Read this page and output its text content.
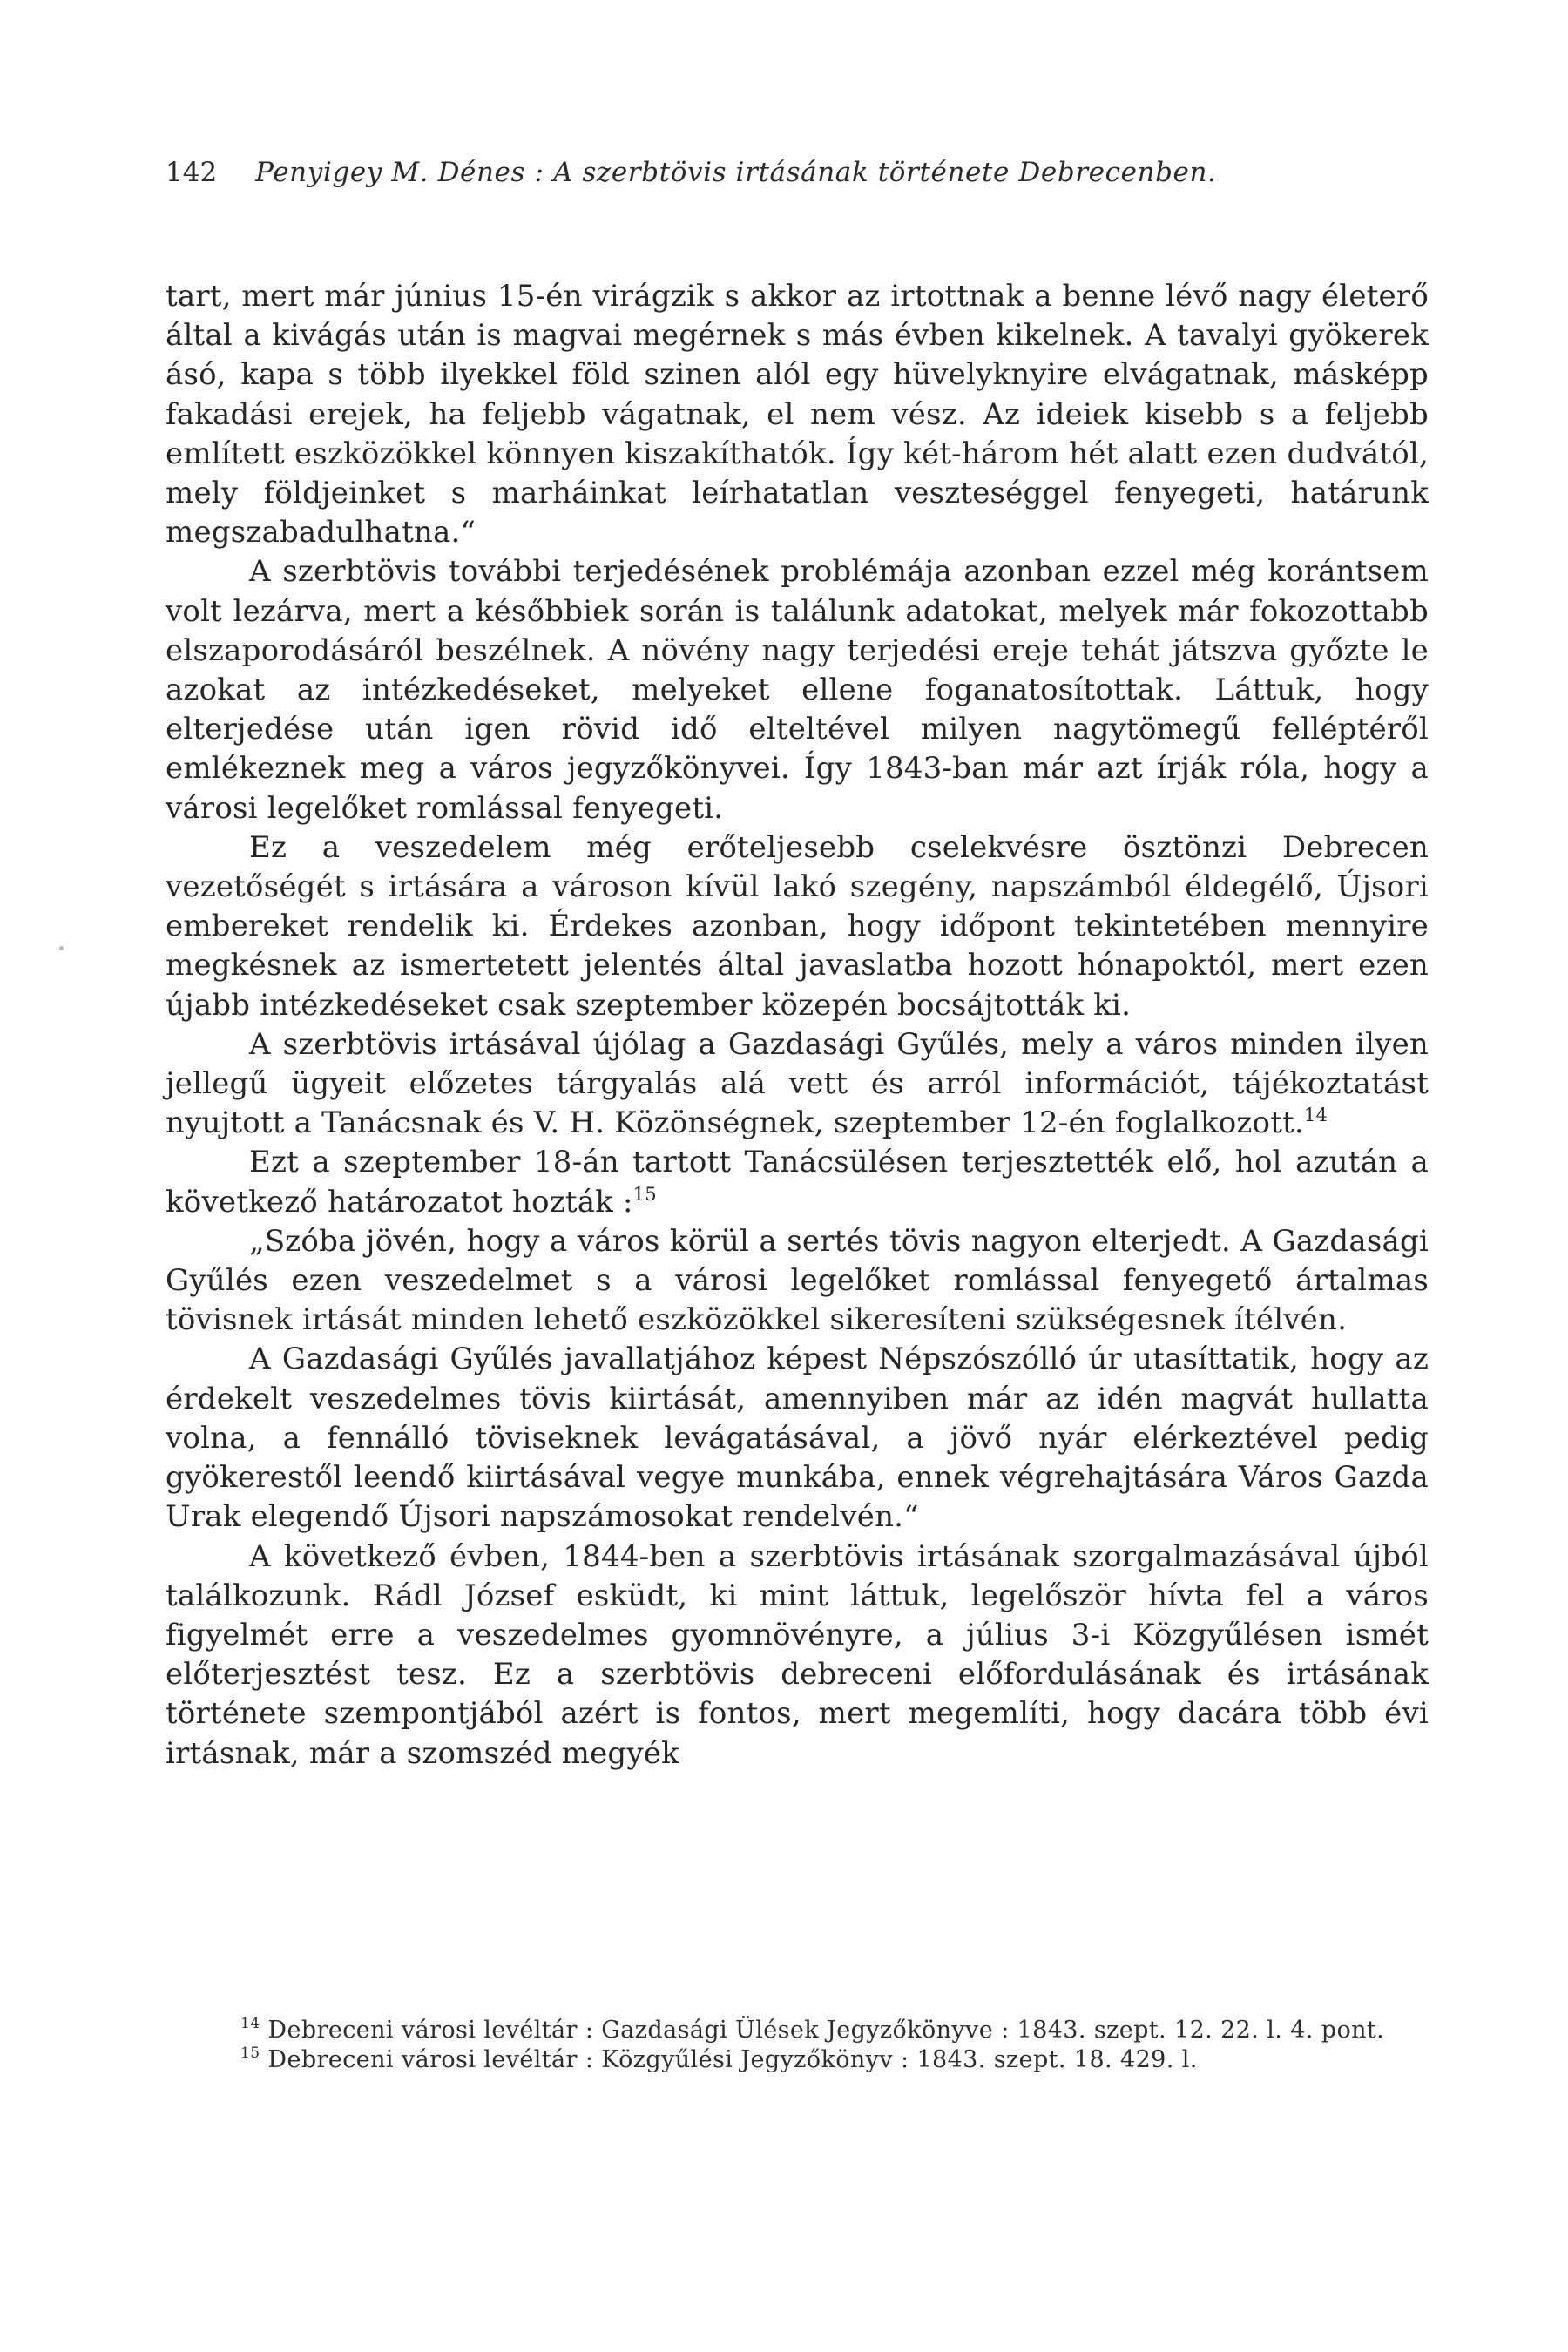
142 Penyigey M. Dénes : A szerbtövis irtásának története Debrecenben.

tart, mert már június 15-én virágzik s akkor az irtottnak a benne lévő nagy életerő által a kivágás után is magvai megérnek s más évben kikelnek. A tavalyi gyökerek ásó, kapa s több ilyekkel föld szinen alól egy hüvelyknyire elvágatnak, másképp fakadási erejek, ha feljebb vágatnak, el nem vész. Az ideiek kisebb s a feljebb említett eszközökkel könnyen kiszakíthatók. Így két-három hét alatt ezen dudvától, mely földjeinket s marháinkat leírhatatlan veszteséggel fenyegeti, határunk megszabadulhatna.“

A szerbtövis további terjedésének problémája azonban ezzel még korántsem volt lezárva, mert a későbbiek során is találunk adatokat, melyek már fokozottabb elszaporodásáról beszélnek. A növény nagy terjedési ereje tehát játszva győzte le azokat az intézkedéseket, melyeket ellene foganatosítottak. Láttuk, hogy elterjedése után igen rövid idő elteltével milyen nagytömegű felléptéről emlékeznek meg a város jegyzőkönyvei. Így 1843-ban már azt írják róla, hogy a városi legelőket romlással fenyegeti.

Ez a veszedelem még erőteljesebb cselekvésre ösztönzi Debrecen vezetőségét s irtására a városon kívül lakó szegény, napszámból éldegélő, Újsori embereket rendelik ki. Érdekes azonban, hogy időpont tekintetében mennyire megkésnek az ismertetett jelentés által javaslatba hozott hónapoktól, mert ezen újabb intézkedéseket csak szeptember közepén bocsájtották ki.

A szerbtövis irtásával újólag a Gazdasági Gyűlés, mely a város minden ilyen jellegű ügyeit előzetes tárgyalás alá vett és arról információt, tájékoztatást nyujtott a Tanácsnak és V. H. Közönségnek, szeptember 12-én foglalkozott.$^{14}$

Ezt a szeptember 18-án tartott Tanácsülésen terjesztették elő, hol azután a következő határozatot hozták :$^{15}$

„Szóba jövén, hogy a város körül a sertés tövis nagyon elterjedt. A Gazdasági Gyűlés ezen veszedelmet s a városi legelőket romlással fenyegető ártalmas tövisnek irtását minden lehető eszközökkel sikeresíteni szükségesnek ítélvén.

A Gazdasági Gyűlés javallatjához képest Népszószólló úr utasíttatik, hogy az érdekelt veszedelmes tövis kiirtását, amennyiben már az idén magvát hullatta volna, a fennálló töviseknek levágatásával, a jövő nyár elérkeztével pedig gyökerestől leendő kiirtásával vegye munkába, ennek végrehajtására Város Gazda Urak elegendő Újsori napszámosokat rendelvén.“

A következő évben, 1844-ben a szerbtövis irtásának szorgalmazásával újból találkozunk. Rádl József esküdt, ki mint láttuk, legelőször hívta fel a város figyelmét erre a veszedelmes gyomnövényre, a július 3-i Közgyűlésen ismét előterjesztést tesz. Ez a szerbtövis debreceni előfordulásának és irtásának története szempontjából azért is fontos, mert megemlíti, hogy dacára több évi irtásnak, már a szomszéd megyék

$^{14}$ Debreceni városi levéltár : Gazdasági Ülések Jegyzőkönyve : 1843. szept. 12. 22. l. 4. pont.

$^{15}$ Debreceni városi levéltár : Közgyűlési Jegyzőkönyv : 1843. szept. 18. 429. l.
